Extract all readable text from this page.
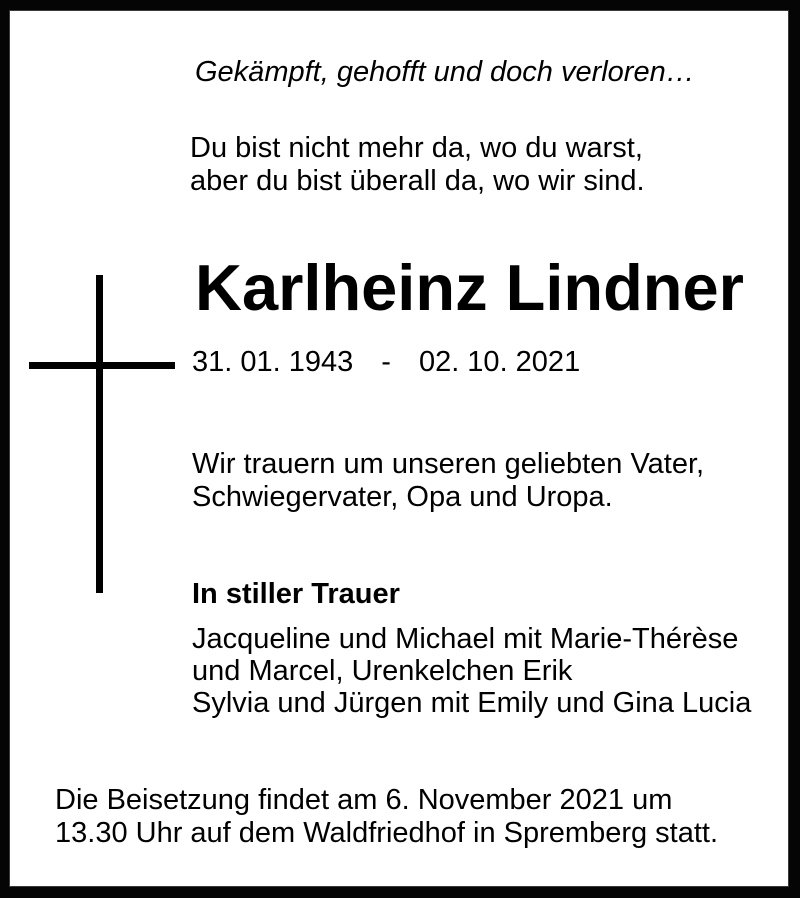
Gekämpft, gehofft und doch verloren…
Du bist nicht mehr da, wo du warst,
aber du bist überall da, wo wir sind.
Karlheinz Lindner
31. 01. 1943 - 02. 10. 2021
Wir trauern um unseren geliebten Vater,
Schwiegervater, Opa und Uropa.
In stiller Trauer
Jacqueline und Michael mit Marie-Thérèse
und Marcel, Urenkelchen Erik
Sylvia und Jürgen mit Emily und Gina Lucia
Die Beisetzung findet am 6. November 2021 um
13.30 Uhr auf dem Waldfriedhof in Spremberg statt.
